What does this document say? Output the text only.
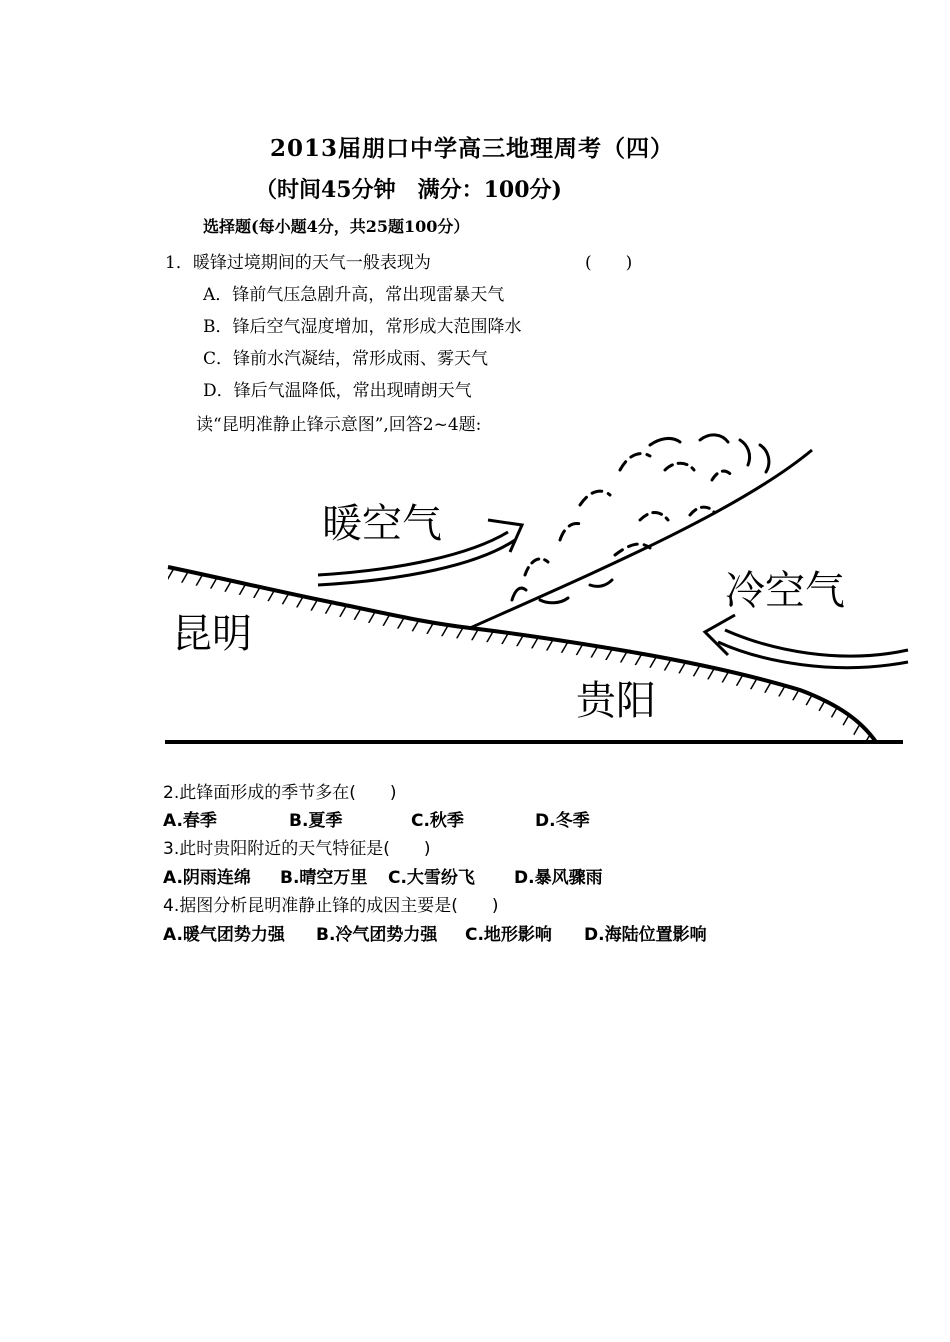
2013届朋口中学高三地理周考（四）
（时间45分钟　满分：100分)
选择题(每小题4分，共25题100分）
1．暖锋过境期间的天气一般表现为	(　　)
A．锋前气压急剧升高，常出现雷暴天气
B．锋后空气湿度增加，常形成大范围降水
C．锋前水汽凝结，常形成雨、雾天气
D．锋后气温降低，常出现晴朗天气
读“昆明准静止锋示意图”,回答2~4题:
暖空气
冷空气
昆明
贵阳
2.此锋面形成的季节多在(　　)
A.春季	B.夏季	C.秋季	D.冬季
3.此时贵阳附近的天气特征是(　　)
A.阴雨连绵 B.晴空万里 C.大雪纷飞 D.暴风骤雨
4.据图分析昆明准静止锋的成因主要是(　　)
A.暖气团势力强 B.冷气团势力强 C.地形影响 D.海陆位置影响
